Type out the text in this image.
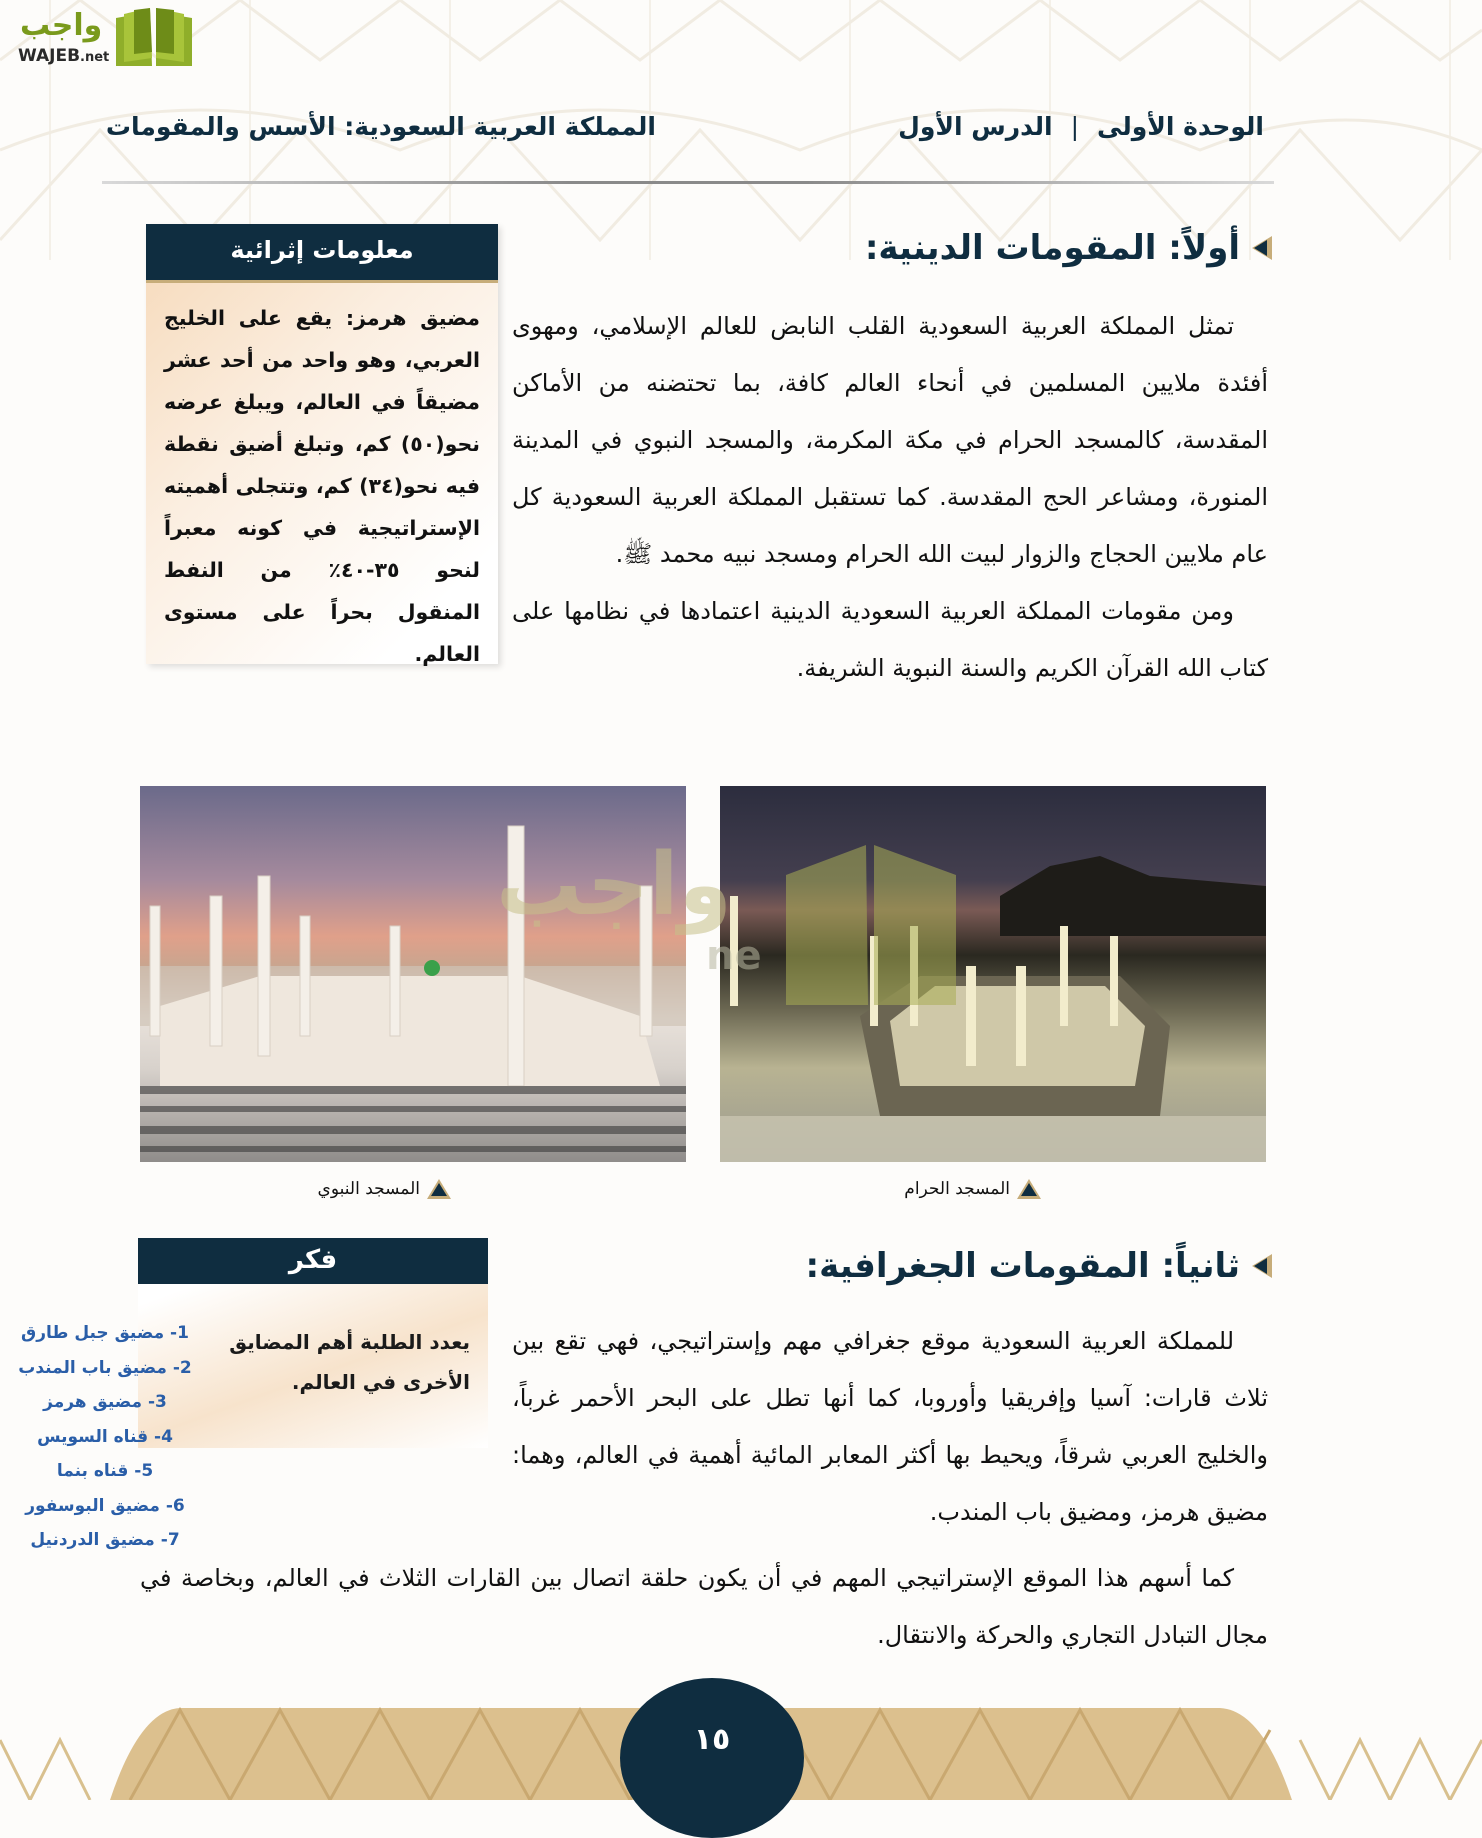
واجب
WAJEB.net
الوحدة الأولى|الدرس الأول
المملكة العربية السعودية: الأسس والمقومات
أولاً: المقومات الدينية:

تمثل المملكة العربية السعودية القلب النابض للعالم الإسلامي، ومهوى أفئدة ملايين المسلمين في أنحاء العالم كافة، بما تحتضنه من الأماكن المقدسة، كالمسجد الحرام في مكة المكرمة، والمسجد النبوي في المدينة المنورة، ومشاعر الحج المقدسة. كما تستقبل المملكة العربية السعودية كل عام ملايين الحجاج والزوار لبيت الله الحرام ومسجد نبيه محمد ﷺ.

ومن مقومات المملكة العربية السعودية الدينية اعتمادها في نظامها على كتاب الله القرآن الكريم والسنة النبوية الشريفة.

معلومات إثرائية
مضيق هرمز: يقع على الخليج العربي، وهو واحد من أحد عشر مضيقاً في العالم، ويبلغ عرضه نحو(٥٠) كم، وتبلغ أضيق نقطة فيه نحو(٣٤) كم، وتتجلى أهميته الإستراتيجية في كونه معبراً لنحو ٣٥-٤٠٪ من النفط المنقول بحراً على مستوى العالم.
واجب
ne
المسجد الحرام
المسجد النبوي
فكر
يعدد الطلبة أهم المضايق الأخرى في العالم.
1- مضيق جبل طارق
2- مضيق باب المندب
3- مضيق هرمز
4- قناه السويس
5- قناه بنما
6- مضيق البوسفور
7- مضيق الدردنيل
ثانياً: المقومات الجغرافية:

للمملكة العربية السعودية موقع جغرافي مهم وإستراتيجي، فهي تقع بين ثلاث قارات: آسيا وإفريقيا وأوروبا، كما أنها تطل على البحر الأحمر غرباً، والخليج العربي شرقاً، ويحيط بها أكثر المعابر المائية أهمية في العالم، وهما: مضيق هرمز، ومضيق باب المندب.

كما أسهم هذا الموقع الإستراتيجي المهم في أن يكون حلقة اتصال بين القارات الثلاث في العالم، وبخاصة في مجال التبادل التجاري والحركة والانتقال.

١٥
